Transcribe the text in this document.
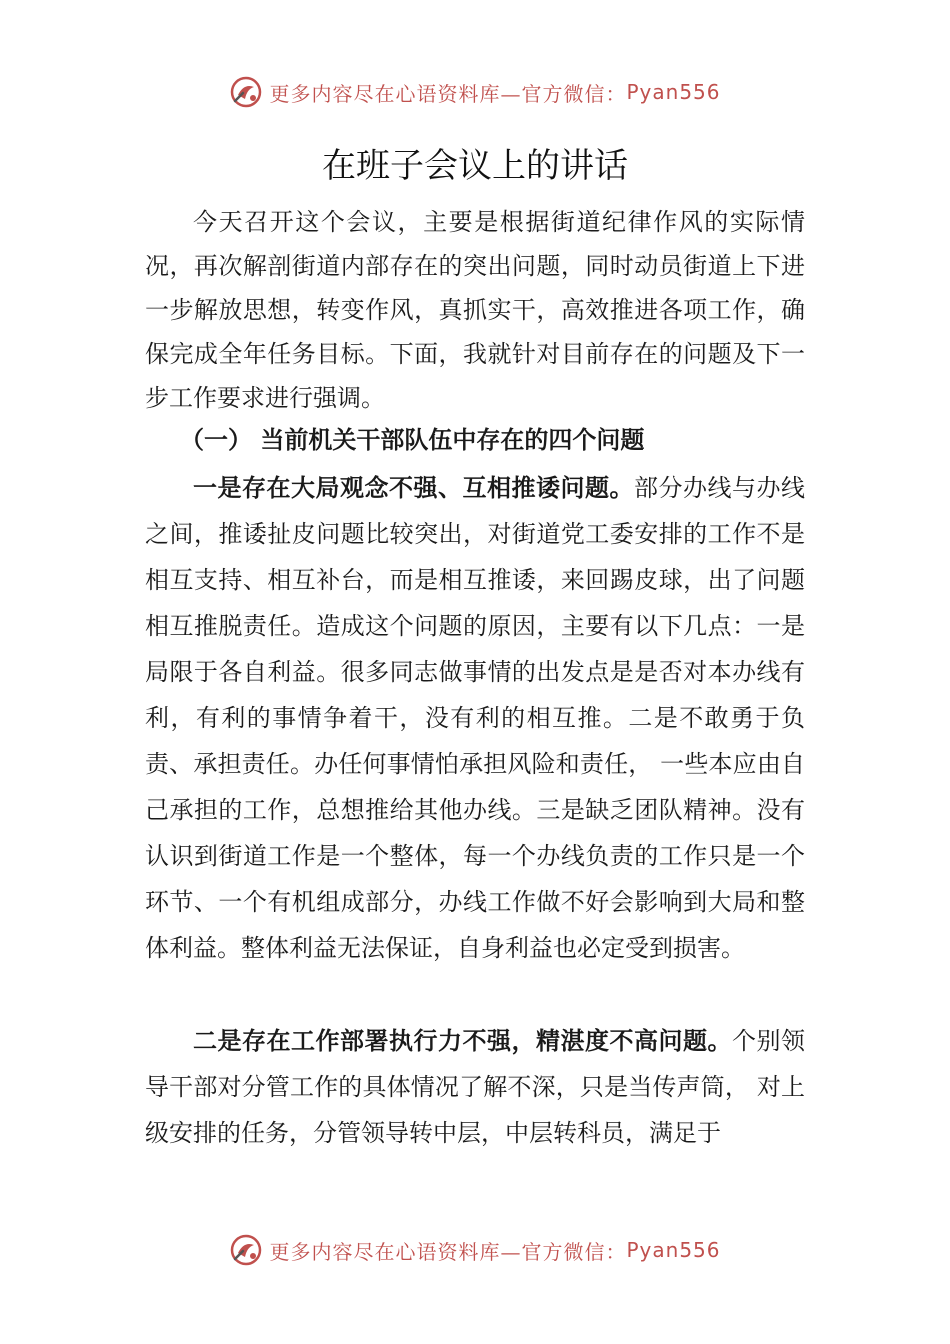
更多内容尽在心语资料库—官方微信： Pyan556
在班子会议上的讲话

今天召开这个会议，主要是根据街道纪律作风的实际情况，再次解剖街道内部存在的突出问题，同时动员街道上下进一步解放思想，转变作风，真抓实干，高效推进各项工作，确保完成全年任务目标。下面，我就针对目前存在的问题及下一步工作要求进行强调。

（一） 当前机关干部队伍中存在的四个问题

一是存在大局观念不强、互相推诿问题。部分办线与办线之间，推诿扯皮问题比较突出，对街道党工委安排的工作不是相互支持、相互补台，而是相互推诿，来回踢皮球，出了问题相互推脱责任。造成这个问题的原因，主要有以下几点：一是局限于各自利益。很多同志做事情的出发点是是否对本办线有利，有利的事情争着干，没有利的相互推。二是不敢勇于负责、承担责任。办任何事情怕承担风险和责任， 一些本应由自己承担的工作，总想推给其他办线。三是缺乏团队精神。没有认识到街道工作是一个整体，每一个办线负责的工作只是一个环节、一个有机组成部分，办线工作做不好会影响到大局和整体利益。整体利益无法保证，自身利益也必定受到损害。

二是存在工作部署执行力不强，精湛度不高问题。个别领导干部对分管工作的具体情况了解不深，只是当传声筒， 对上级安排的任务，分管领导转中层，中层转科员，满足于

更多内容尽在心语资料库—官方微信： Pyan556
